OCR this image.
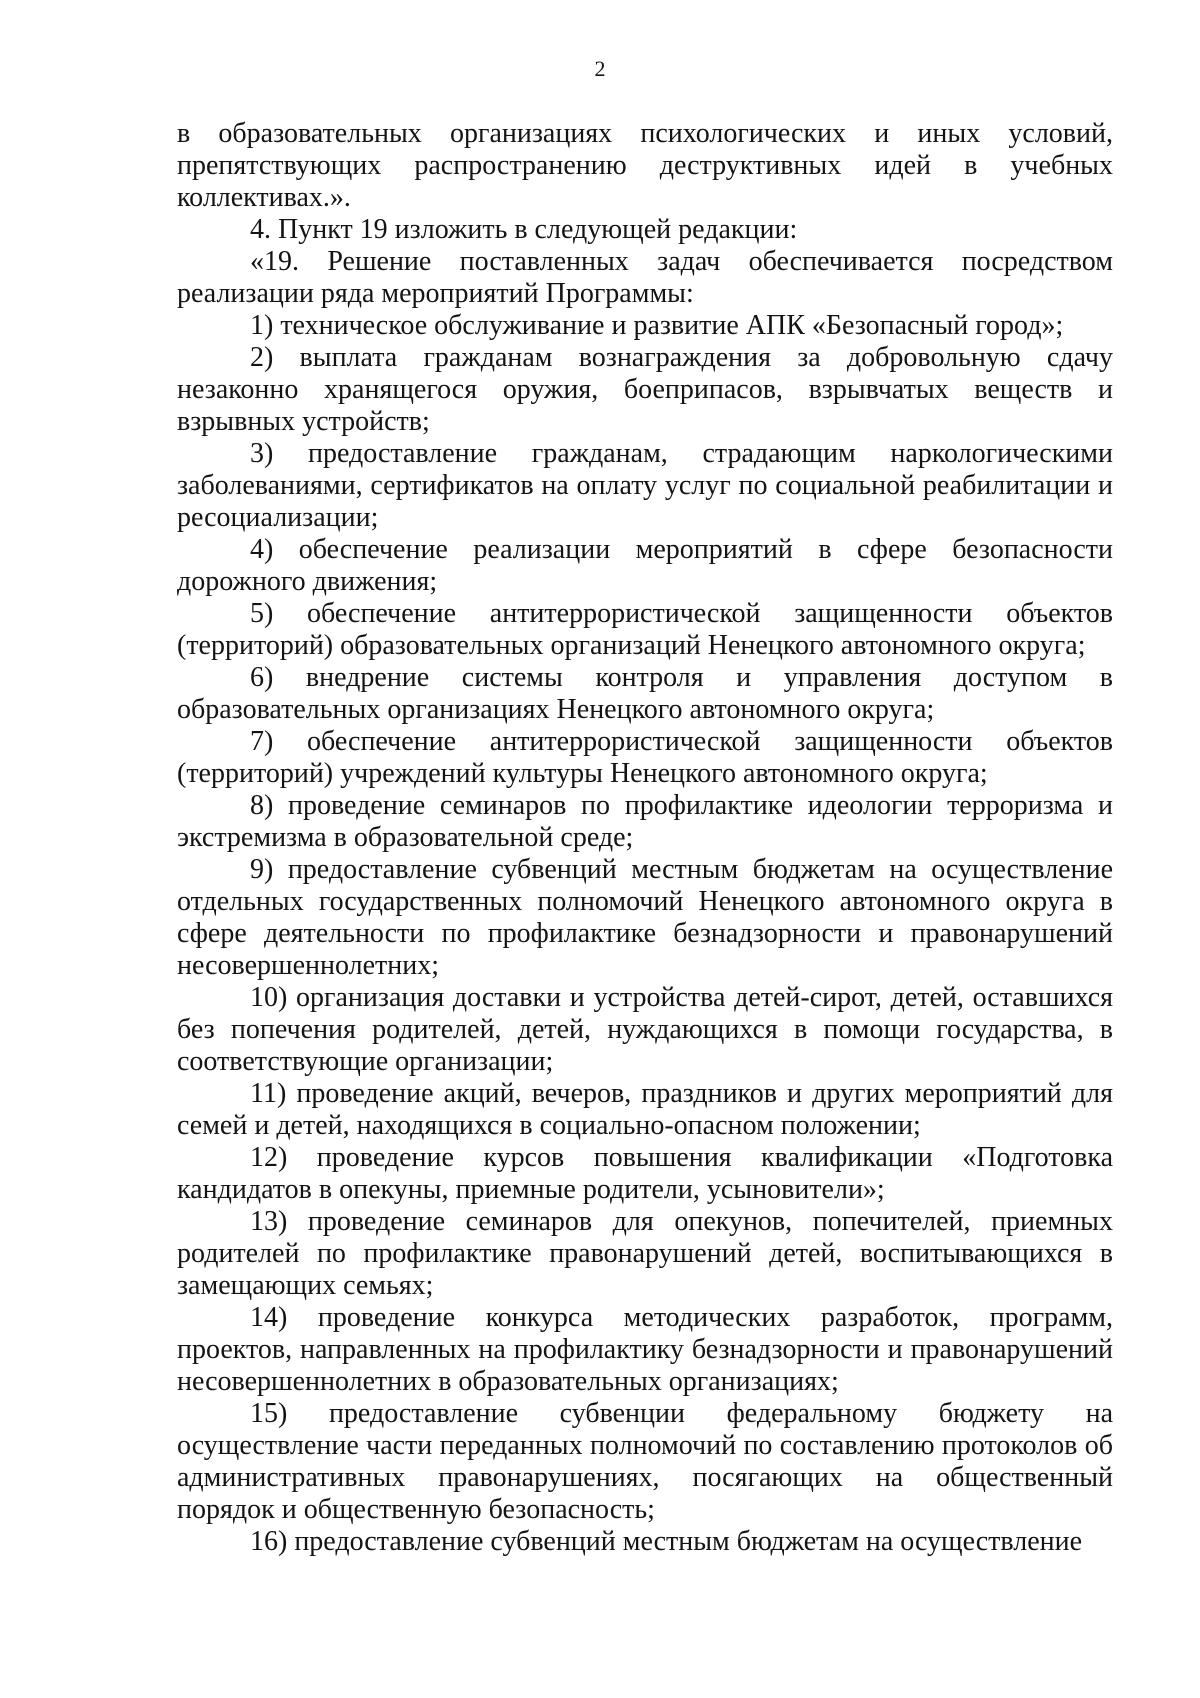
2

в образовательных организациях психологических и иных условий, препятствующих распространению деструктивных идей в учебных коллективах.».

4. Пункт 19 изложить в следующей редакции:

«19. Решение поставленных задач обеспечивается посредством реализации ряда мероприятий Программы:

1) техническое обслуживание и развитие АПК «Безопасный город»;

2) выплата гражданам вознаграждения за добровольную сдачу незаконно хранящегося оружия, боеприпасов, взрывчатых веществ и взрывных устройств;

3) предоставление гражданам, страдающим наркологическими заболеваниями, сертификатов на оплату услуг по социальной реабилитации и ресоциализации;

4) обеспечение реализации мероприятий в сфере безопасности дорожного движения;

5) обеспечение антитеррористической защищенности объектов (территорий) образовательных организаций Ненецкого автономного округа;

6) внедрение системы контроля и управления доступом в образовательных организациях Ненецкого автономного округа;

7) обеспечение антитеррористической защищенности объектов (территорий) учреждений культуры Ненецкого автономного округа;

8) проведение семинаров по профилактике идеологии терроризма и экстремизма в образовательной среде;

9) предоставление субвенций местным бюджетам на осуществление отдельных государственных полномочий Ненецкого автономного округа в сфере деятельности по профилактике безнадзорности и правонарушений несовершеннолетних;

10) организация доставки и устройства детей-сирот, детей, оставшихся без попечения родителей, детей, нуждающихся в помощи государства, в соответствующие организации;

11) проведение акций, вечеров, праздников и других мероприятий для семей и детей, находящихся в социально-опасном положении;

12) проведение курсов повышения квалификации «Подготовка кандидатов в опекуны, приемные родители, усыновители»;

13) проведение семинаров для опекунов, попечителей, приемных родителей по профилактике правонарушений детей, воспитывающихся в замещающих семьях;

14) проведение конкурса методических разработок, программ, проектов, направленных на профилактику безнадзорности и правонарушений несовершеннолетних в образовательных организациях;

15) предоставление субвенции федеральному бюджету на осуществление части переданных полномочий по составлению протоколов об административных правонарушениях, посягающих на общественный порядок и общественную безопасность;

16) предоставление субвенций местным бюджетам на осуществление
